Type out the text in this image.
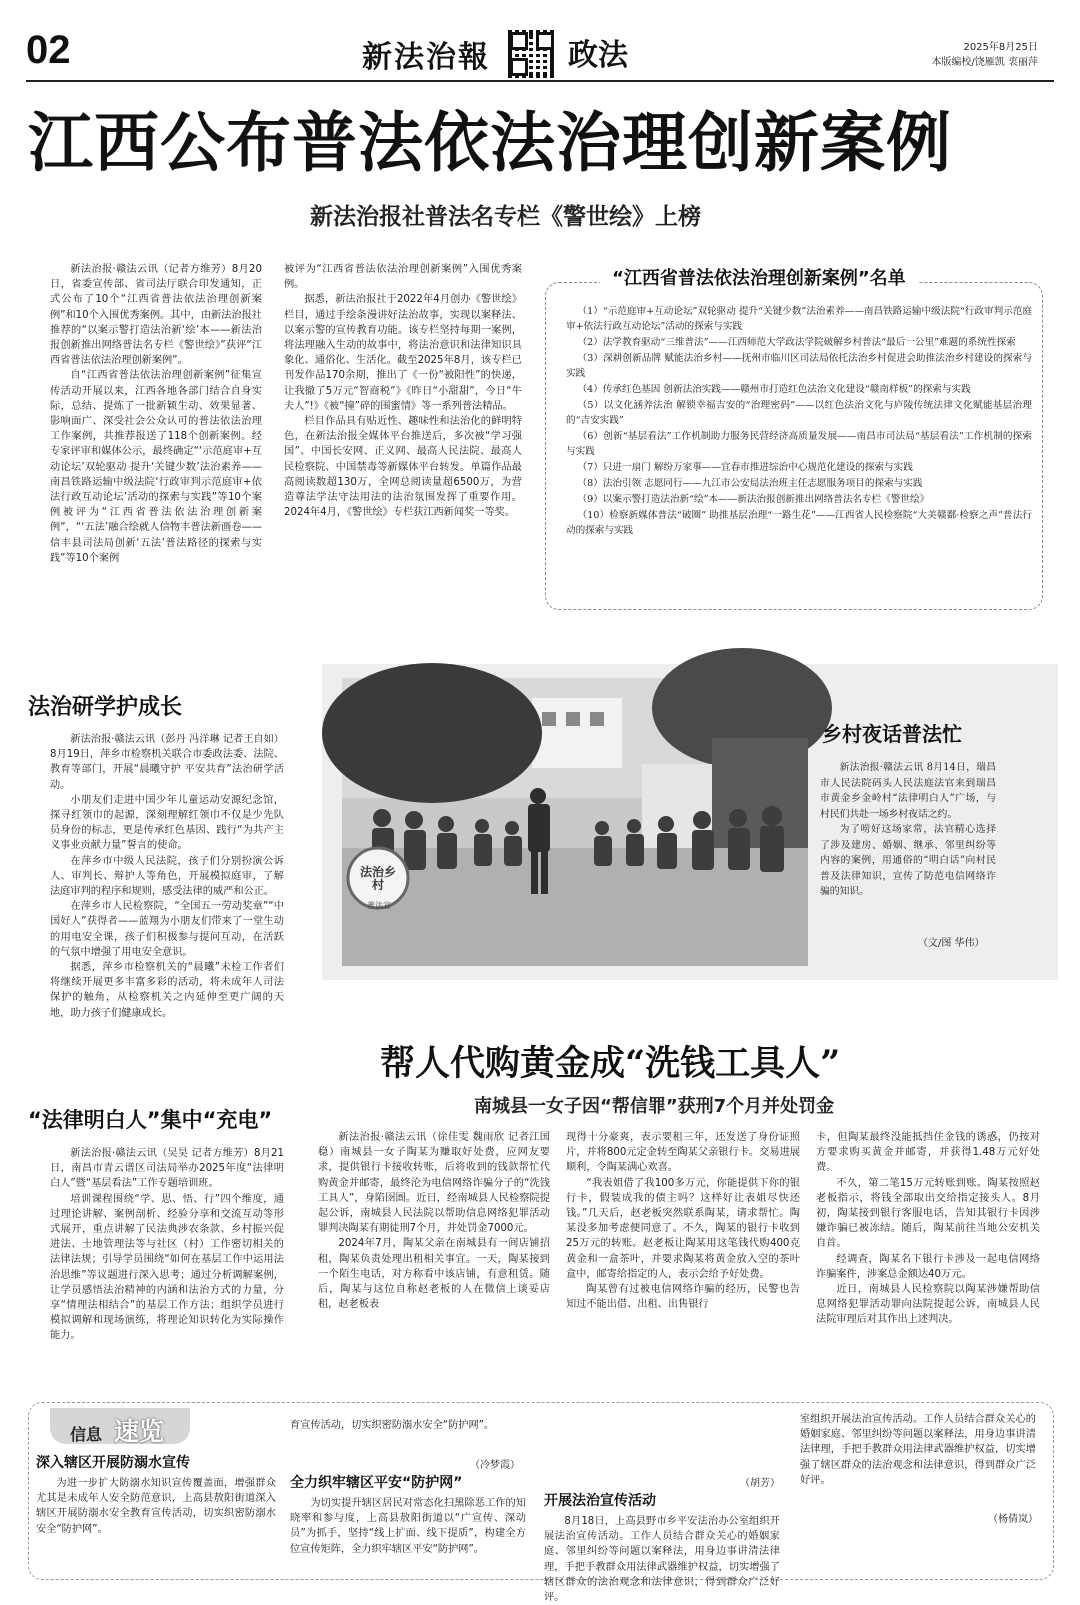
02	新法治報	政法	2025年8月25日
本版编校/饶雁凯 衷丽萍
江西公布普法依法治理创新案例
新法治报社普法名专栏《警世绘》上榜

新法治报·赣法云讯（记者方维芳）8月20日，省委宣传部、省司法厅联合印发通知，正式公布了10个“江西省普法依法治理创新案例”和10个入围优秀案例。其中，由新法治报社推荐的“以案示警打造法治新‘绘’本——新法治报创新推出网络普法名专栏《警世绘》”获评“江西省普法依法治理创新案例”。

自“江西省普法依法治理创新案例”征集宣传活动开展以来，江西各地各部门结合自身实际，总结、提炼了一批新颖生动、效果显著、影响面广、深受社会公众认可的普法依法治理工作案例，共推荐报送了118个创新案例。经专家评审和媒体公示，最终确定“‘示范庭审+互动论坛’双轮驱动 提升‘关键少数’法治素养——南昌铁路运输中级法院‘行政审判示范庭审+依法行政互动论坛’活动的探索与实践”等10个案例被评为“江西省普法依法治理创新案例”，“‘五法’融合绘就人信物丰普法新画卷——信丰县司法局创新‘五法’普法路径的探索与实践”等10个案例

被评为“江西省普法依法治理创新案例”入围优秀案例。

据悉，新法治报社于2022年4月创办《警世绘》栏目，通过手绘条漫讲好法治故事，实现以案释法、以案示警的宣传教育功能。该专栏坚持每期一案例，将法理融入生动的故事中，将法治意识和法律知识具象化、通俗化、生活化。截至2025年8月，该专栏已刊发作品170余期，推出了《一份“被阳性”的快递，让我撤了5万元“智商税”》《昨日“小甜甜”，今日“牛夫人”!》《被“撞”碎的围蜜情》等一系列普法精品。

栏目作品具有贴近性、趣味性和法治化的鲜明特色，在新法治报全媒体平台推送后，多次被“学习强国”、中国长安网、正义网、最高人民法院、最高人民检察院、中国禁毒等新媒体平台转发。单篇作品最高阅读数超130万，全网总阅读量超6500万，为营造尊法学法守法用法的法治氛围发挥了重要作用。2024年4月，《警世绘》专栏获江西新闻奖一等奖。

“江西省普法依法治理创新案例”名单

（1）“示范庭审+互动论坛”双轮驱动 提升“关键少数”法治素养——南昌铁路运输中级法院“行政审判示范庭审+依法行政互动论坛”活动的探索与实践

（2）法学教育驱动“三维普法”——江西师范大学政法学院破解乡村普法“最后一公里”难题的系统性探索

（3）深耕创新品牌 赋能法治乡村——抚州市临川区司法局依托法治乡村促进会助推法治乡村建设的探索与实践

（4）传承红色基因 创新法治实践——赣州市打造红色法治文化建设“赣南样板”的探索与实践

（5）以文化涵养法治 解锁幸福吉安的“治理密码”——以红色法治文化与庐陵传统法律文化赋能基层治理的“吉安实践”

（6）创新“基层看法”工作机制助力服务民营经济高质量发展——南昌市司法局“基层看法”工作机制的探索与实践

（7）只进一扇门 解纷万家事——宜春市推进综治中心规范化建设的探索与实践

（8）法治引领 志愿同行——九江市公安局法治班主任志愿服务项目的探索与实践

（9）以案示警打造法治新“绘”本——新法治报创新推出网络普法名专栏《警世绘》

（10）检察新媒体普法“破圈” 助推基层治理“一路生花”——江西省人民检察院“大美赣鄱·检察之声”普法行动的探索与实践

法治研学护成长

新法治报·赣法云讯（彭丹 冯洋琳 记者王自如）8月19日，萍乡市检察机关联合市委政法委、法院、教育等部门，开展“晨曦守护 平安共育”法治研学活动。

小朋友们走进中国少年儿童运动安源纪念馆，探寻红领巾的起源，深刻理解红领巾不仅是少先队员身份的标志，更是传承红色基因、践行“为共产主义事业贡献力量”誓言的使命。

在萍乡市中级人民法院，孩子们分别扮演公诉人、审判长、辩护人等角色，开展模拟庭审，了解法庭审判的程序和规则，感受法律的威严和公正。

在萍乡市人民检察院，“全国五一劳动奖章”“中国好人”获得者——蓝翔为小朋友们带来了一堂生动的用电安全课，孩子们积极参与提问互动，在活跃的气氛中增强了用电安全意识。

据悉，萍乡市检察机关的“晨曦”未检工作者们将继续开展更多丰富多彩的活动，将未成年人司法保护的触角，从检察机关之内延伸至更广阔的天地，助力孩子们健康成长。

法治乡村
普法宣
乡村夜话普法忙

新法治报·赣法云讯 8月14日，瑞昌市人民法院码头人民法庭法官来到瑞昌市黄金乡金岭村“法律明白人”广场，与村民们共赴一场乡村夜话之约。

为了唠好这场家常，法官精心选择了涉及建房、婚姻、继承、邻里纠纷等内容的案例，用通俗的“明白话”向村民普及法律知识，宣传了防范电信网络诈骗的知识。

（文/图 华伟）
“法律明白人”集中“充电”

新法治报·赣法云讯（吴昊 记者方维芳）8月21日，南昌市青云谱区司法局举办2025年度“法律明白人”暨“基层看法”工作专题培训班。

培训课程围绕“学、思、悟、行”四个维度，通过理论讲解、案例剖析、经验分享和交流互动等形式展开，重点讲解了民法典涉农条款、乡村振兴促进法、土地管理法等与社区（村）工作密切相关的法律法规；引导学员围绕“如何在基层工作中运用法治思维”等议题进行深入思考；通过分析调解案例，让学员感悟法治精神的内涵和法治方式的力量，分享“情理法相结合”的基层工作方法；组织学员进行模拟调解和现场演练，将理论知识转化为实际操作能力。

帮人代购黄金成“洗钱工具人”
南城县一女子因“帮信罪”获刑7个月并处罚金

新法治报·赣法云讯（徐佳雯 魏雨欣 记者江国稳）南城县一女子陶某为赚取好处费，应网友要求，提供银行卡接收转账，后将收到的钱款帮忙代购黄金并邮寄，最终沦为电信网络诈骗分子的“洗钱工具人”，身陷囹圄。近日，经南城县人民检察院提起公诉，南城县人民法院以帮助信息网络犯罪活动罪判决陶某有期徒刑7个月，并处罚金7000元。

2024年7月，陶某父亲在南城县有一间店铺招租，陶某负责处理出租相关事宜。一天，陶某接到一个陌生电话，对方称看中该店铺，有意租赁。随后，陶某与这位自称赵老板的人在微信上谈妥店租，赵老板表

现得十分豪爽，表示要租三年，还发送了身份证照片，并将800元定金转至陶某父亲银行卡。交易进展顺利，令陶某满心欢喜。

“我表姐借了我100多万元，你能提供下你的银行卡，假装成我的债主吗？这样好让表姐尽快还钱。”几天后，赵老板突然联系陶某，请求帮忙。陶某没多加考虑便同意了。不久，陶某的银行卡收到25万元的转账。赵老板让陶某用这笔钱代购400克黄金和一盒茶叶，并要求陶某将黄金放入空的茶叶盒中，邮寄给指定的人，表示会给予好处费。

陶某曾有过被电信网络诈骗的经历，民警也告知过不能出借、出租、出售银行

卡，但陶某最终没能抵挡住金钱的诱惑，仍按对方要求购买黄金并邮寄，并获得1.48万元好处费。

不久，第二笔15万元转账到账。陶某按照赵老板指示，将钱全部取出交给指定接头人。8月初，陶某接到银行客服电话，告知其银行卡因涉嫌诈骗已被冻结。随后，陶某前往当地公安机关自首。

经调查，陶某名下银行卡涉及一起电信网络诈骗案件，涉案总金额达40万元。

近日，南城县人民检察院以陶某涉嫌帮助信息网络犯罪活动罪向法院提起公诉，南城县人民法院审理后对其作出上述判决。

信息 速览
深入辖区开展防溺水宣传

为进一步扩大防溺水知识宣传覆盖面，增强群众尤其是未成年人安全防范意识，上高县敖阳街道深入辖区开展防溺水安全教育宣传活动，切实织密防溺水安全“防护网”。

育宣传活动，切实织密防溺水安全“防护网”。

（冷梦霞）
全力织牢辖区平安“防护网”

为切实提升辖区居民对常态化扫黑除恶工作的知晓率和参与度，上高县敖阳街道以“广宣传、深动员”为抓手，坚持“线上扩面、线下提质”，构建全方位宣传矩阵，全力织牢辖区平安“防护网”。

（胡芳）
开展法治宣传活动

8月18日，上高县野市乡平安法治办公室组织开展法治宣传活动。工作人员结合群众关心的婚姻家庭、邻里纠纷等问题以案释法，用身边事讲清法律理，手把手教群众用法律武器维护权益，切实增强了辖区群众的法治观念和法律意识，得到群众广泛好评。

室组织开展法治宣传活动。工作人员结合群众关心的婚姻家庭、邻里纠纷等问题以案释法，用身边事讲清法律理，手把手教群众用法律武器维护权益，切实增强了辖区群众的法治观念和法律意识，得到群众广泛好评。

（杨倩岚）
